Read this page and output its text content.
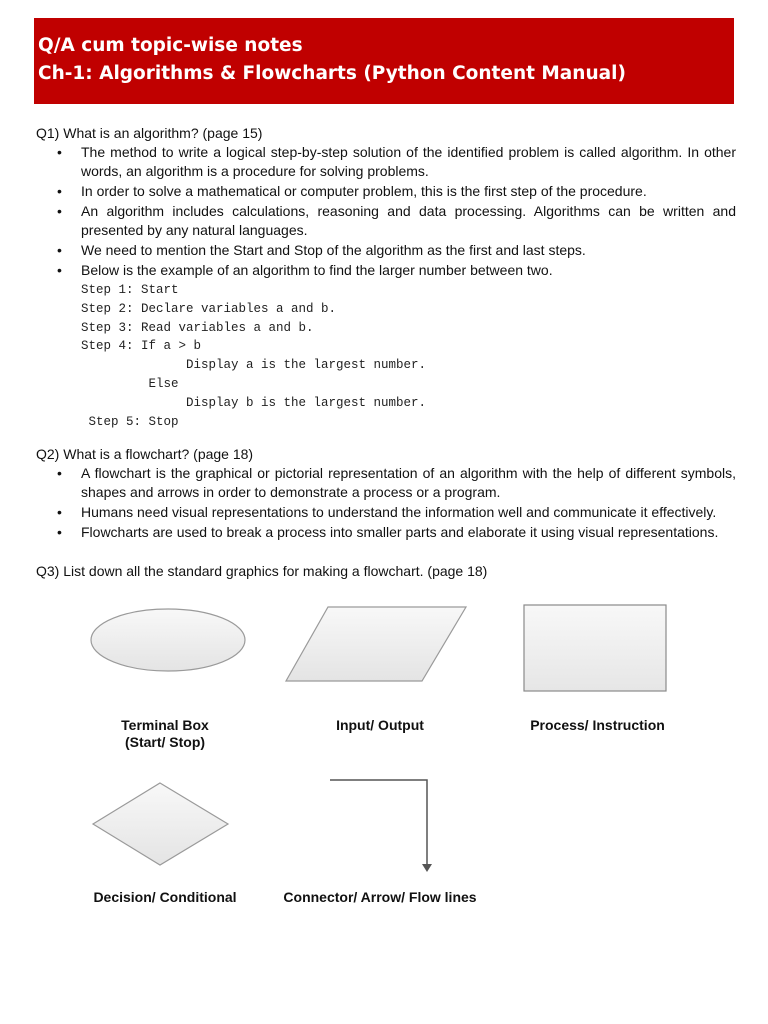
Q/A cum topic-wise notes
Ch-1: Algorithms & Flowcharts (Python Content Manual)

Q1) What is an algorithm? (page 15)

• The method to write a logical step-by-step solution of the identified problem is called algorithm. In other words, an algorithm is a procedure for solving problems.
• In order to solve a mathematical or computer problem, this is the first step of the procedure.
• An algorithm includes calculations, reasoning and data processing. Algorithms can be written and presented by any natural languages.
• We need to mention the Start and Stop of the algorithm as the first and last steps.
• Below is the example of an algorithm to find the larger number between two.
Step 1: Start
Step 2: Declare variables a and b.
Step 3: Read variables a and b.
Step 4: If a > b
Display a is the largest number.
Else
Display b is the largest number.
Step 5: Stop

Q2) What is a flowchart? (page 18)

• A flowchart is the graphical or pictorial representation of an algorithm with the help of different symbols, shapes and arrows in order to demonstrate a process or a program.
• Humans need visual representations to understand the information well and communicate it effectively.
• Flowcharts are used to break a process into smaller parts and elaborate it using visual representations.

Q3) List down all the standard graphics for making a flowchart. (page 18)

Terminal Box
(Start/ Stop)
Input/ Output	Process/ Instruction
Decision/ Conditional	Connector/ Arrow/ Flow lines
